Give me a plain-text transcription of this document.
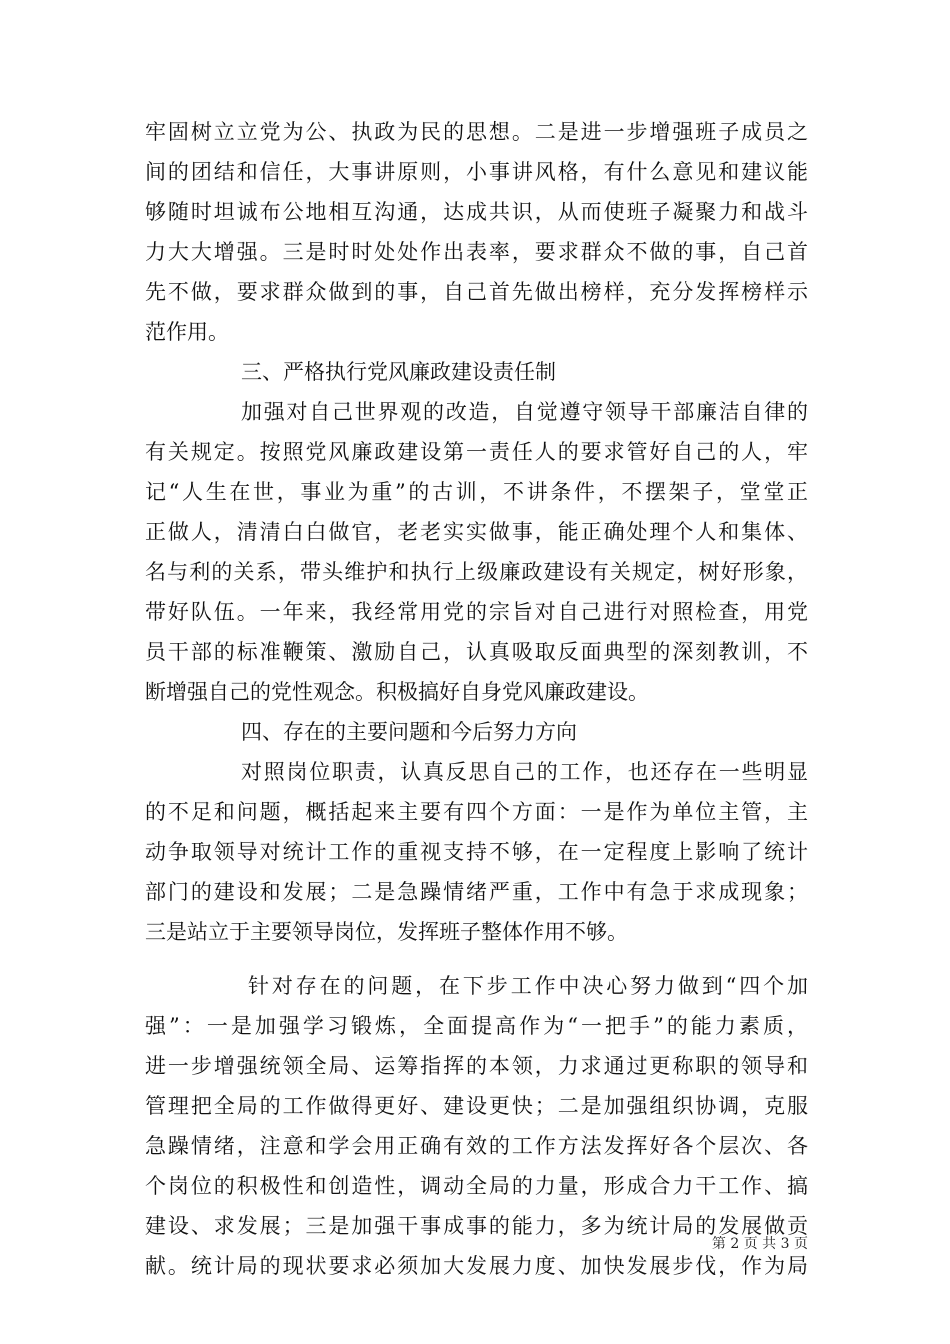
牢固树立立党为公、执政为民的思想。二是进一步增强班子成员之
间的团结和信任，大事讲原则，小事讲风格，有什么意见和建议能
够随时坦诚布公地相互沟通，达成共识，从而使班子凝聚力和战斗
力大大增强。三是时时处处作出表率，要求群众不做的事，自己首
先不做，要求群众做到的事，自己首先做出榜样，充分发挥榜样示
范作用。
三、严格执行党风廉政建设责任制
加强对自己世界观的改造，自觉遵守领导干部廉洁自律的
有关规定。按照党风廉政建设第一责任人的要求管好自己的人，牢
记“人生在世，事业为重”的古训，不讲条件，不摆架子，堂堂正
正做人，清清白白做官，老老实实做事，能正确处理个人和集体、
名与利的关系，带头维护和执行上级廉政建设有关规定，树好形象，
带好队伍。一年来，我经常用党的宗旨对自己进行对照检查，用党
员干部的标准鞭策、激励自己，认真吸取反面典型的深刻教训，不
断增强自己的党性观念。积极搞好自身党风廉政建设。
四、存在的主要问题和今后努力方向
对照岗位职责，认真反思自己的工作，也还存在一些明显
的不足和问题，概括起来主要有四个方面：一是作为单位主管，主
动争取领导对统计工作的重视支持不够，在一定程度上影响了统计
部门的建设和发展；二是急躁情绪严重，工作中有急于求成现象；
三是站立于主要领导岗位，发挥班子整体作用不够。
针对存在的问题，在下步工作中决心努力做到“四个加
强”：一是加强学习锻炼，全面提高作为“一把手”的能力素质，
进一步增强统领全局、运筹指挥的本领，力求通过更称职的领导和
管理把全局的工作做得更好、建设更快；二是加强组织协调，克服
急躁情绪，注意和学会用正确有效的工作方法发挥好各个层次、各
个岗位的积极性和创造性，调动全局的力量，形成合力干工作、搞
建设、求发展；三是加强干事成事的能力，多为统计局的发展做贡
献。统计局的现状要求必须加大发展力度、加快发展步伐，作为局
第 2 页 共 3 页
